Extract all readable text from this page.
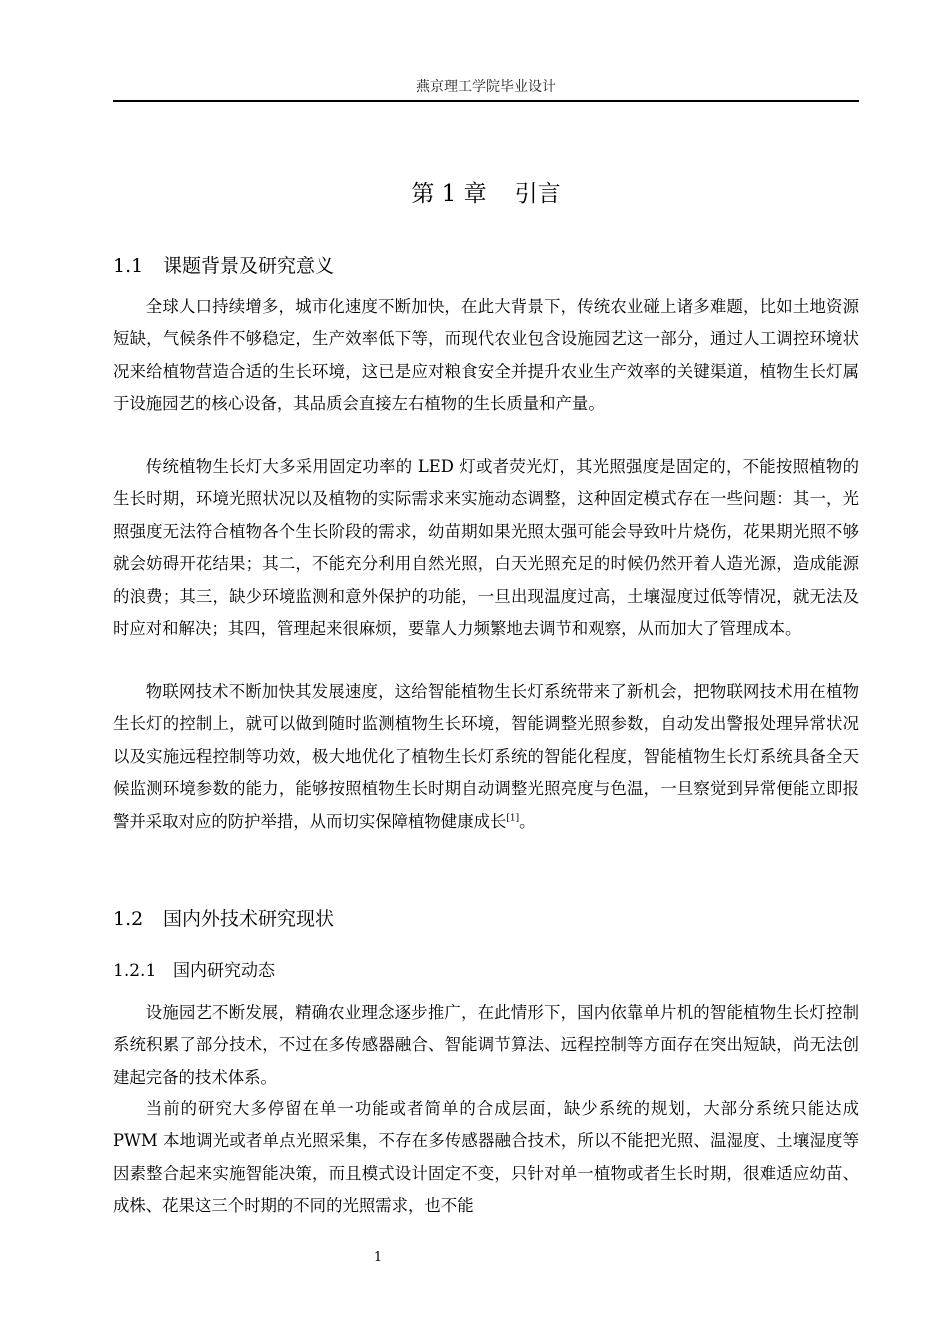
燕京理工学院毕业设计
第 1 章 引言
1.1 课题背景及研究意义

全球人口持续增多，城市化速度不断加快，在此大背景下，传统农业碰上诸多难题，比如土地资源短缺，气候条件不够稳定，生产效率低下等，而现代农业包含设施园艺这一部分，通过人工调控环境状况来给植物营造合适的生长环境，这已是应对粮食安全并提升农业生产效率的关键渠道，植物生长灯属于设施园艺的核心设备，其品质会直接左右植物的生长质量和产量。

传统植物生长灯大多采用固定功率的 LED 灯或者荧光灯，其光照强度是固定的，不能按照植物的生长时期，环境光照状况以及植物的实际需求来实施动态调整，这种固定模式存在一些问题：其一，光照强度无法符合植物各个生长阶段的需求，幼苗期如果光照太强可能会导致叶片烧伤，花果期光照不够就会妨碍开花结果；其二，不能充分利用自然光照，白天光照充足的时候仍然开着人造光源，造成能源的浪费；其三，缺少环境监测和意外保护的功能，一旦出现温度过高，土壤湿度过低等情况，就无法及时应对和解决；其四，管理起来很麻烦，要靠人力频繁地去调节和观察，从而加大了管理成本。

物联网技术不断加快其发展速度，这给智能植物生长灯系统带来了新机会，把物联网技术用在植物生长灯的控制上，就可以做到随时监测植物生长环境，智能调整光照参数，自动发出警报处理异常状况以及实施远程控制等功效，极大地优化了植物生长灯系统的智能化程度，智能植物生长灯系统具备全天候监测环境参数的能力，能够按照植物生长时期自动调整光照亮度与色温，一旦察觉到异常便能立即报警并采取对应的防护举措，从而切实保障植物健康成长[1]。

1.2 国内外技术研究现状
1.2.1 国内研究动态

设施园艺不断发展，精确农业理念逐步推广，在此情形下，国内依靠单片机的智能植物生长灯控制系统积累了部分技术，不过在多传感器融合、智能调节算法、远程控制等方面存在突出短缺，尚无法创建起完备的技术体系。

当前的研究大多停留在单一功能或者简单的合成层面，缺少系统的规划，大部分系统只能达成 PWM 本地调光或者单点光照采集，不存在多传感器融合技术，所以不能把光照、温湿度、土壤湿度等因素整合起来实施智能决策，而且模式设计固定不变，只针对单一植物或者生长时期，很难适应幼苗、成株、花果这三个时期的不同的光照需求，也不能

1
